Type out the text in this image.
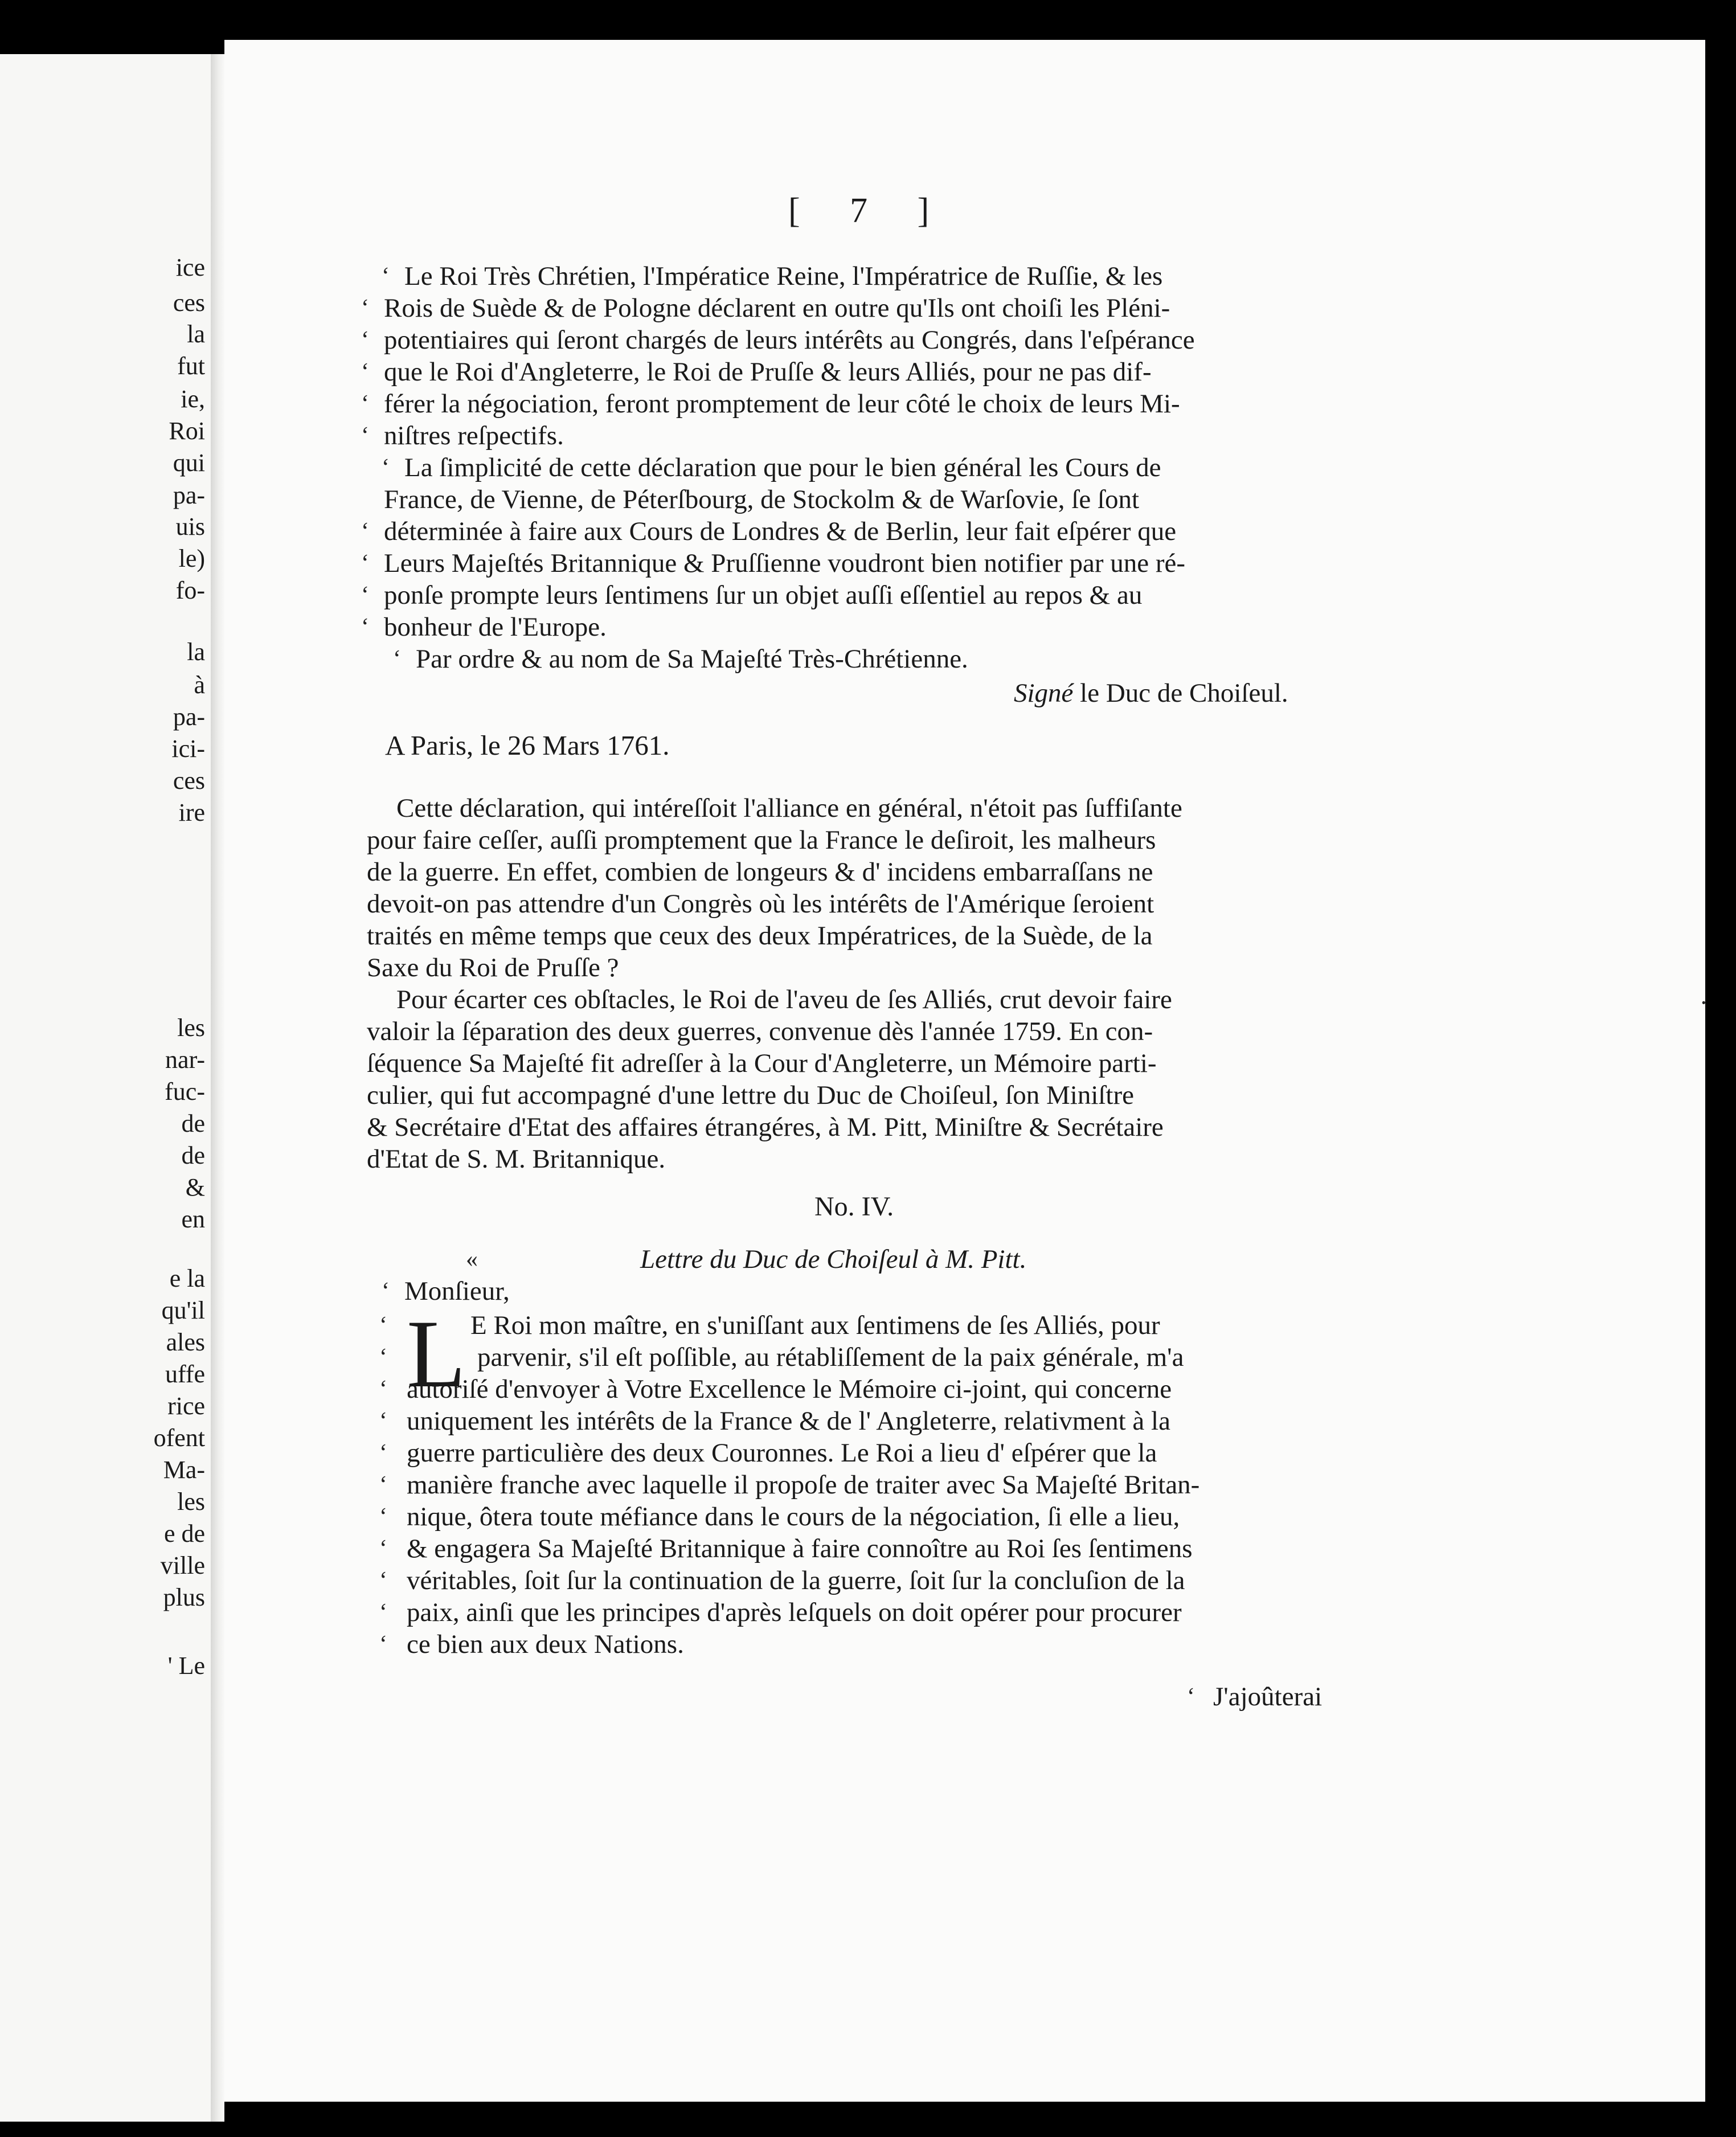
ice
ces
la
fut
ie,
Roi
qui
pa-
uis
le)
fo-
la
à
pa-
ici-
ces
ire
les
nar-
fuc-
de
de
&
en
e la
qu'il
ales
uffe
rice
ofent
Ma-
les
e de
ville
plus
' Le
[ 7 ]
‘ Le Roi Très Chrétien, l'Impératice Reine, l'Impératrice de Ruſſie, & les
‘ Rois de Suède & de Pologne déclarent en outre qu'Ils ont choiſi les Pléni-
‘ potentiaires qui ſeront chargés de leurs intérêts au Congrés, dans l'eſpérance
‘ que le Roi d'Angleterre, le Roi de Pruſſe & leurs Alliés, pour ne pas dif-
‘ férer la négociation, feront promptement de leur côté le choix de leurs Mi-
‘ niſtres reſpectifs.
‘ La ſimplicité de cette déclaration que pour le bien général les Cours de
France, de Vienne, de Péterſbourg, de Stockolm & de Warſovie, ſe ſont
‘ déterminée à faire aux Cours de Londres & de Berlin, leur fait eſpérer que
‘ Leurs Majeſtés Britannique & Pruſſienne voudront bien notifier par une ré-
‘ ponſe prompte leurs ſentimens ſur un objet auſſi eſſentiel au repos & au
‘ bonheur de l'Europe.
‘ Par ordre & au nom de Sa Majeſté Très-Chrétienne.
Signé le Duc de Choiſeul.
A Paris, le 26 Mars 1761.
Cette déclaration, qui intéreſſoit l'alliance en général, n'étoit pas ſuffiſante
pour faire ceſſer, auſſi promptement que la France le deſiroit, les malheurs
de la guerre. En effet, combien de longeurs & d' incidens embarraſſans ne
devoit-on pas attendre d'un Congrès où les intérêts de l'Amérique ſeroient
traités en même temps que ceux des deux Impératrices, de la Suède, de la
Saxe du Roi de Pruſſe ?
Pour écarter ces obſtacles, le Roi de l'aveu de ſes Alliés, crut devoir faire
valoir la ſéparation des deux guerres, convenue dès l'année 1759. En con-
ſéquence Sa Majeſté fit adreſſer à la Cour d'Angleterre, un Mémoire parti-
culier, qui fut accompagné d'une lettre du Duc de Choiſeul, ſon Miniſtre
& Secrétaire d'Etat des affaires étrangéres, à M. Pitt, Miniſtre & Secrétaire
d'Etat de S. M. Britannique.
No. IV.
«	Lettre du Duc de Choiſeul à M. Pitt.
‘ Monſieur,
L
‘	E Roi mon maître, en s'uniſſant aux ſentimens de ſes Alliés, pour
‘	parvenir, s'il eſt poſſible, au rétabliſſement de la paix générale, m'a
‘ autoriſé d'envoyer à Votre Excellence le Mémoire ci-joint, qui concerne
‘ uniquement les intérêts de la France & de l' Angleterre, relativment à la
‘ guerre particulière des deux Couronnes. Le Roi a lieu d' eſpérer que la
‘ manière franche avec laquelle il propoſe de traiter avec Sa Majeſté Britan-
‘ nique, ôtera toute méfiance dans le cours de la négociation, ſi elle a lieu,
‘ & engagera Sa Majeſté Britannique à faire connoître au Roi ſes ſentimens
‘ véritables, ſoit ſur la continuation de la guerre, ſoit ſur la concluſion de la
‘ paix, ainſi que les principes d'après leſquels on doit opérer pour procurer
‘ ce bien aux deux Nations.
‘ J'ajoûterai
·
